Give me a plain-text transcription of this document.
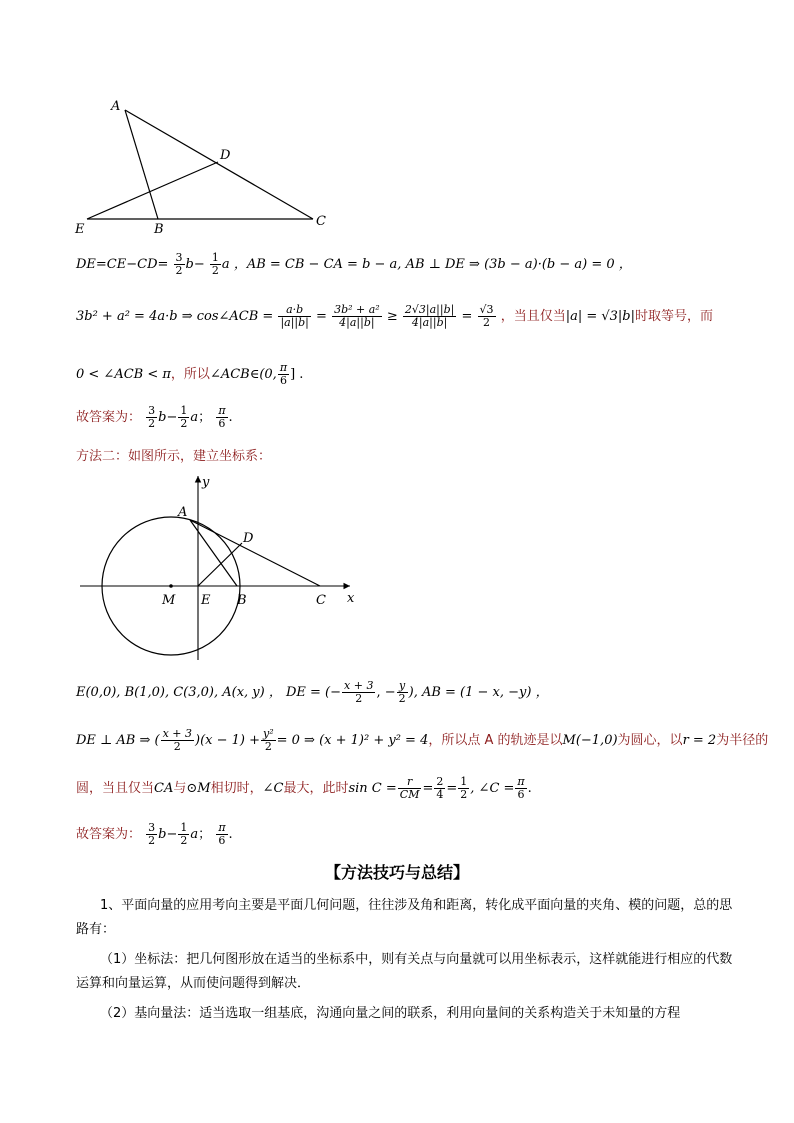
A
D
E	B
C
$DE=CE-CD= \frac{3}{2} b- \frac{1}{2}$ a ，AB = CB − CA = b − a, AB ⊥ DE ⇒ (3b − a)·(b − a) = 0 ，
3b² + a² = 4a·b ⇒ cos∠ACB = $\frac{a\cdot b}{|a||b|} = \frac{\text{3b² + a²}}{4|a||b|} \ge \frac{2√3|a||b|}{4|a||b|} = \frac{√3}{2}$ ，当且仅当|a| = √3|b|时取等号，而
0 < ∠ACB < π，所以∠ACB∈(0, $\frac{\pi}{6}$ ] .
故答案为： $\frac{3}{2} b- \frac{1}{2}$ a； $\frac{\pi}{6}$ .
方法二：如图所示，建立坐标系：
y
x
A
D
M E B	C
E(0,0), B(1,0), C(3,0), A(x, y) ， DE = (− $\frac{x + 3}{2}$ , − $\frac{y}{2}$ ), AB = (1 − x, −y) ，
DE ⊥ AB ⇒ ( $\frac{x + 3}{2} )(x - 1) + \frac{\text{y²}}{2} = 0$ ⇒ (x + 1)² + y² = 4，所以点 A 的轨迹是以M(−1,0)为圆心，以r = 2为半径的
圆，当且仅当CA与⊙M相切时，∠C最大，此时$\sin C = \frac{r}{CM} = \frac{2}{4} = \frac{1}{2}$ , ∠C = $\frac{\pi}{6}$ .
故答案为： $\frac{3}{2} b- \frac{1}{2}$ a； $\frac{\pi}{6}$ .
【方法技巧与总结】
1、平面向量的应用考向主要是平面几何问题，往往涉及角和距离，转化成平面向量的夹角、模的问题，总的思路有：
（1）坐标法：把几何图形放在适当的坐标系中，则有关点与向量就可以用坐标表示，这样就能进行相应的代数运算和向量运算，从而使问题得到解决．
（2）基向量法：适当选取一组基底，沟通向量之间的联系，利用向量间的关系构造关于未知量的方程
